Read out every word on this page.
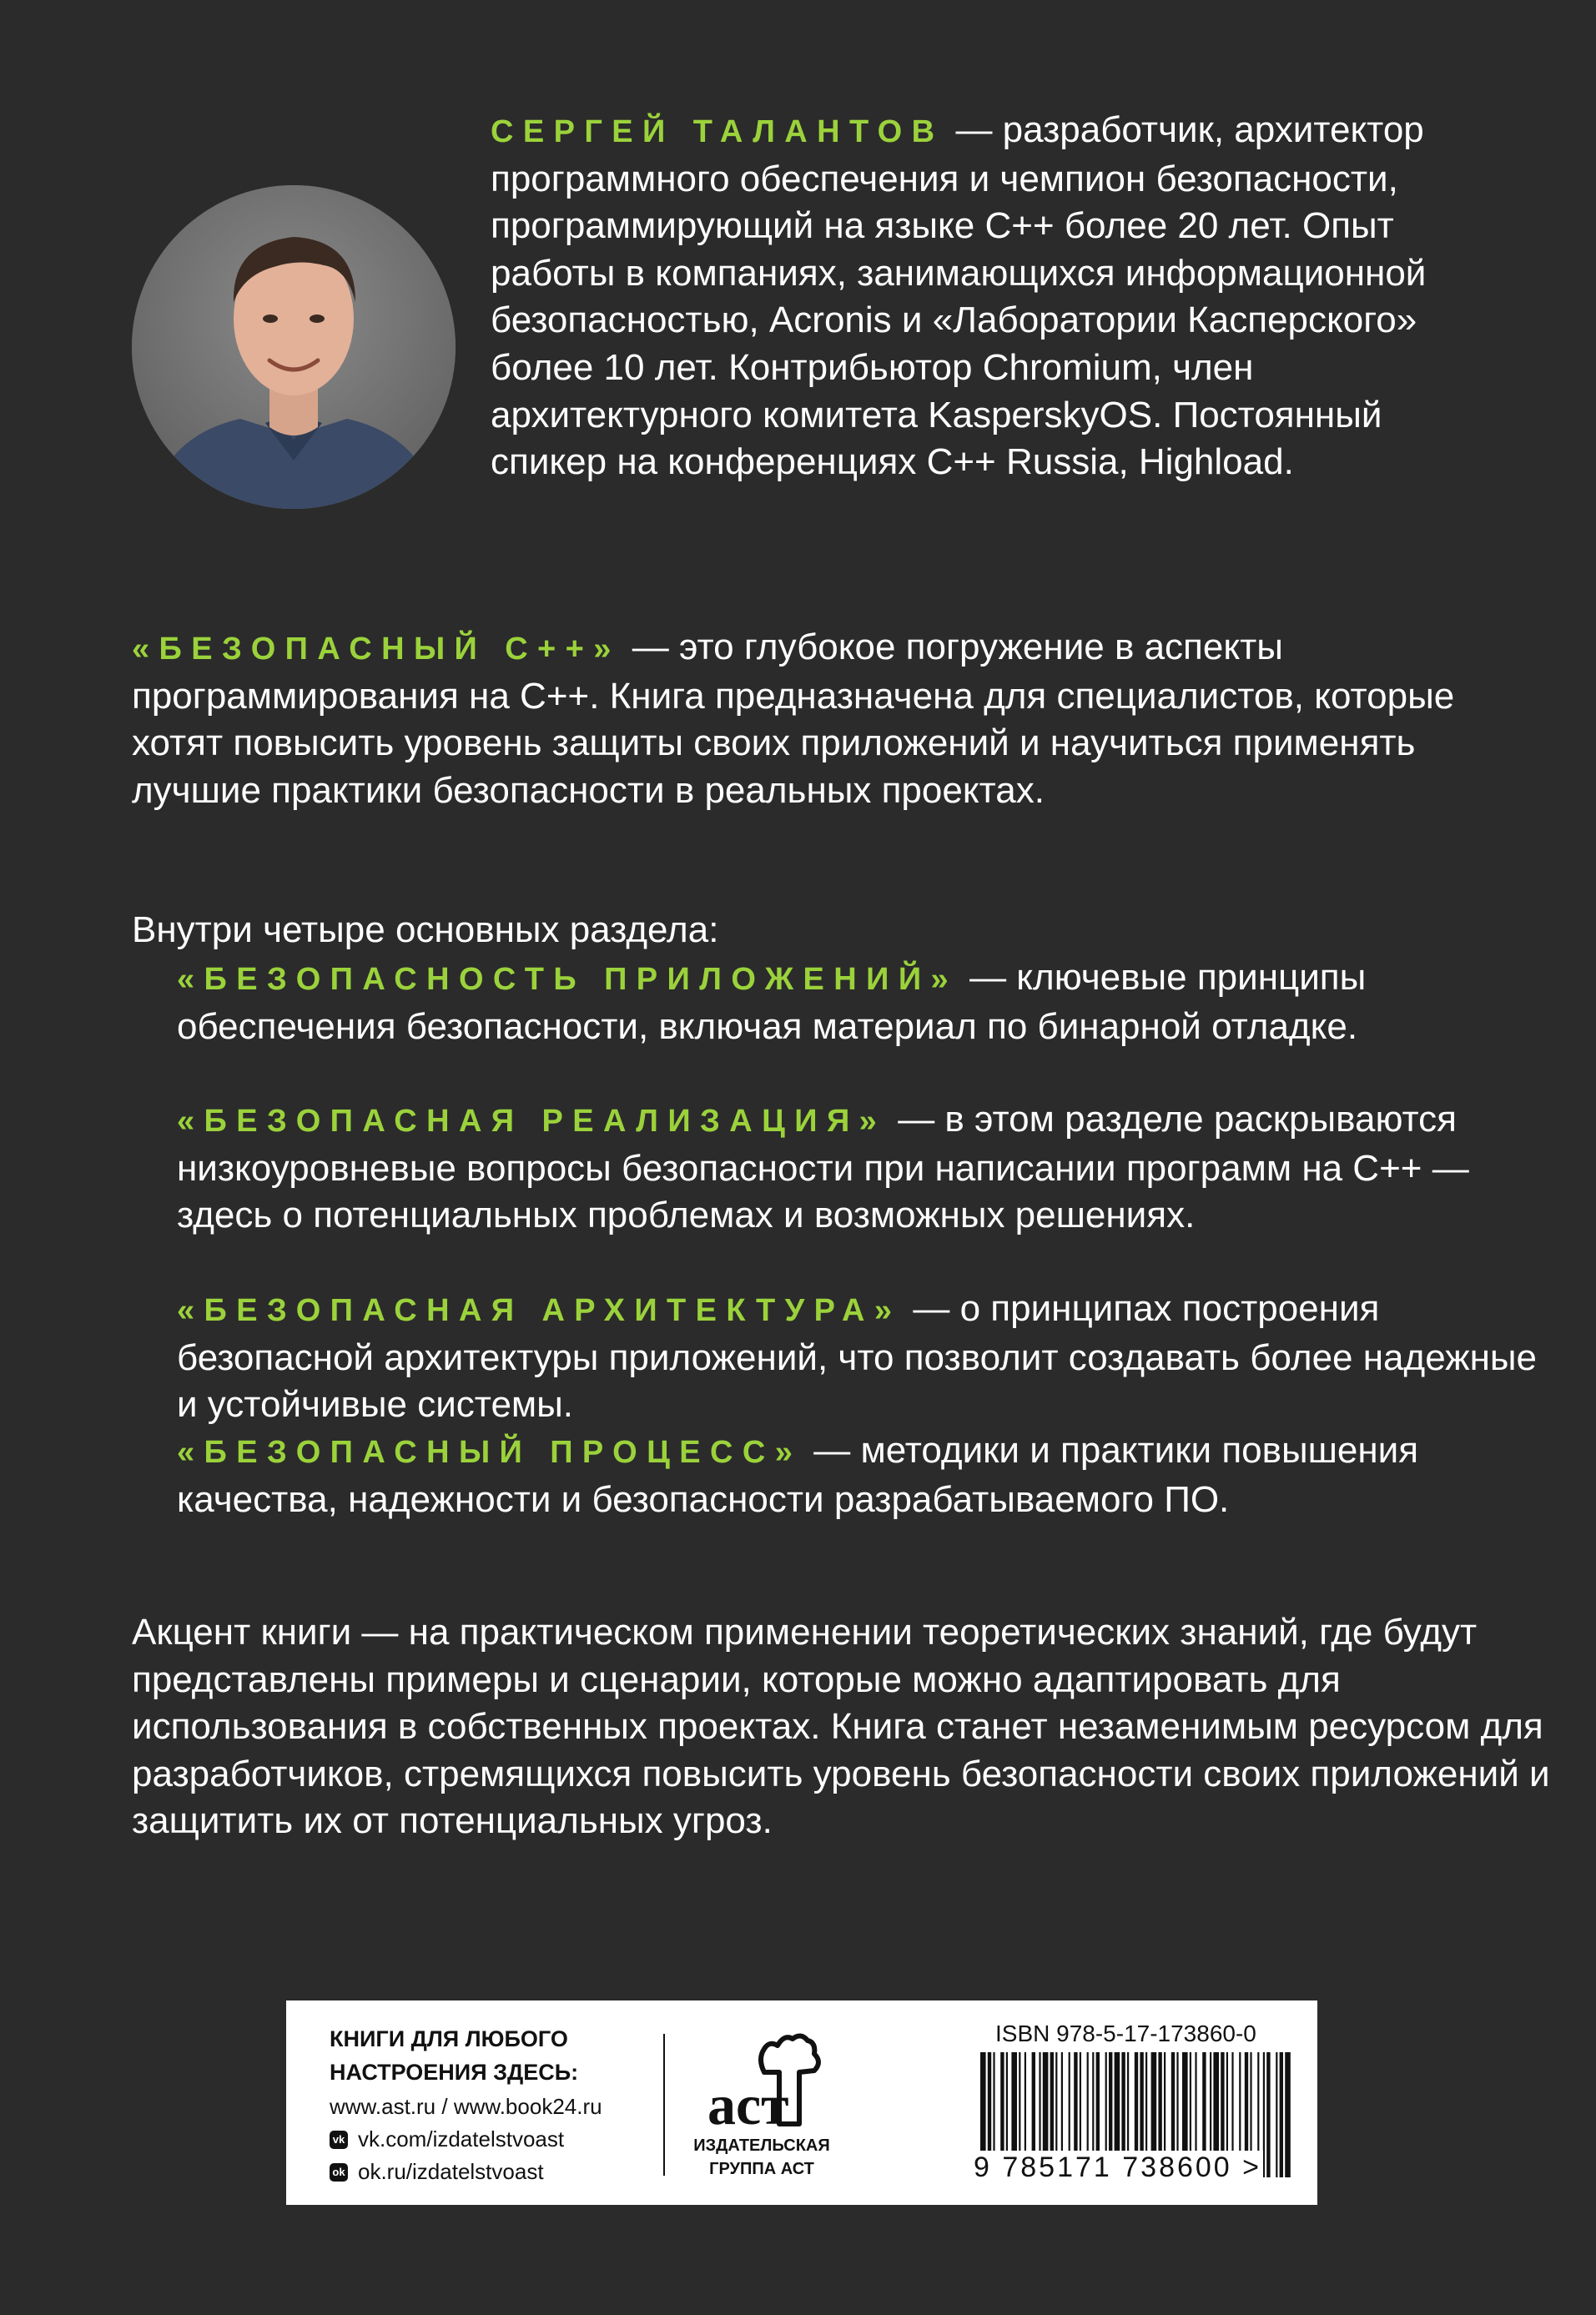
СЕРГЕЙ ТАЛАНТОВ — разработчик, архитектор программного обеспечения и чемпион безопасности, программирующий на языке C++ более 20 лет. Опыт работы в компаниях, занимающихся информационной безопасностью, Acronis и «Лаборатории Касперского» более 10 лет. Контрибьютор Chromium, член архитектурного комитета KasperskyOS. Постоянный спикер на конференциях C++ Russia, Highload.

«БЕЗОПАСНЫЙ С++» — это глубокое погружение в аспекты программирования на C++. Книга предназначена для специалистов, которые хотят повысить уровень защиты своих приложений и научиться применять лучшие практики безопасности в реальных проектах.

Внутри четыре основных раздела:

«БЕЗОПАСНОСТЬ ПРИЛОЖЕНИЙ» — ключевые принципы обеспечения безопасности, включая материал по бинарной отладке.

«БЕЗОПАСНАЯ РЕАЛИЗАЦИЯ» — в этом разделе раскрываются низкоуровневые вопросы безопасности при написании программ на С++ — здесь о потенциальных проблемах и возможных решениях.

«БЕЗОПАСНАЯ АРХИТЕКТУРА» — о принципах построения безопасной архитектуры приложений, что позволит создавать более надежные и устойчивые системы.

«БЕЗОПАСНЫЙ ПРОЦЕСС» — методики и практики повышения качества, надежности и безопасности разрабатываемого ПО.

Акцент книги — на практическом применении теоретических знаний, где будут представлены примеры и сценарии, которые можно адаптировать для использования в собственных проектах. Книга станет незаменимым ресурсом для разработчиков, стремящихся повысить уровень безопасности своих приложений и защитить их от потенциальных угроз.

КНИГИ ДЛЯ ЛЮБОГО НАСТРОЕНИЯ ЗДЕСЬ:

www.ast.ru / www.book24.ru
vk vk.com/izdatelstvoast
ok ok.ru/izdatelstvoast
аст

ИЗДАТЕЛЬСКАЯ ГРУППА АСТ

ISBN 978-5-17-173860-0
9 785171 738600 >
